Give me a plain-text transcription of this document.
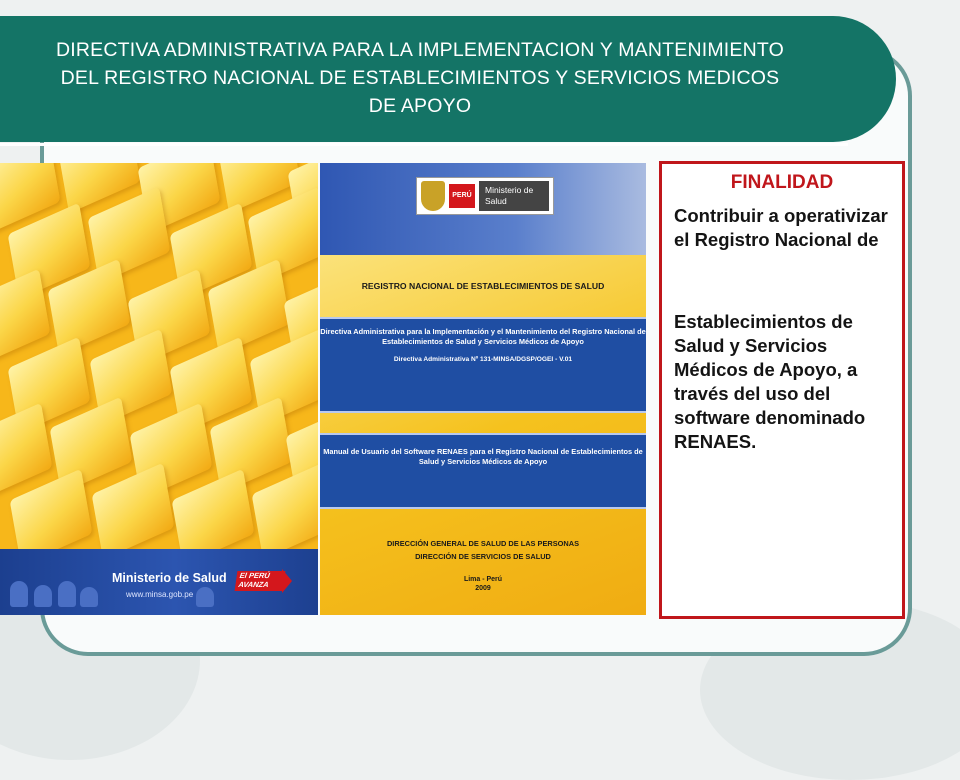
DIRECTIVA ADMINISTRATIVA PARA LA IMPLEMENTACION Y MANTENIMIENTO DEL REGISTRO NACIONAL DE ESTABLECIMIENTOS Y SERVICIOS MEDICOS DE APOYO
Ministerio de Salud
www.minsa.gob.pe
El PERÚ AVANZA
PERÚ
Ministerio de Salud
REGISTRO NACIONAL DE ESTABLECIMIENTOS DE SALUD
Directiva Administrativa para la Implementación y el Mantenimiento del Registro Nacional de Establecimientos de Salud y Servicios Médicos de Apoyo
Directiva Administrativa Nº 131-MINSA/DGSP/OGEI - V.01
Manual de Usuario del Software RENAES para el Registro Nacional de Establecimientos de Salud y Servicios Médicos de Apoyo
DIRECCIÓN GENERAL DE SALUD DE LAS PERSONAS
DIRECCIÓN DE SERVICIOS DE SALUD
Lima - Perú
2009
FINALIDAD
Contribuir a operativizar el Registro Nacional de
Establecimientos de Salud y Servicios Médicos de Apoyo, a través del uso del software denominado RENAES.
